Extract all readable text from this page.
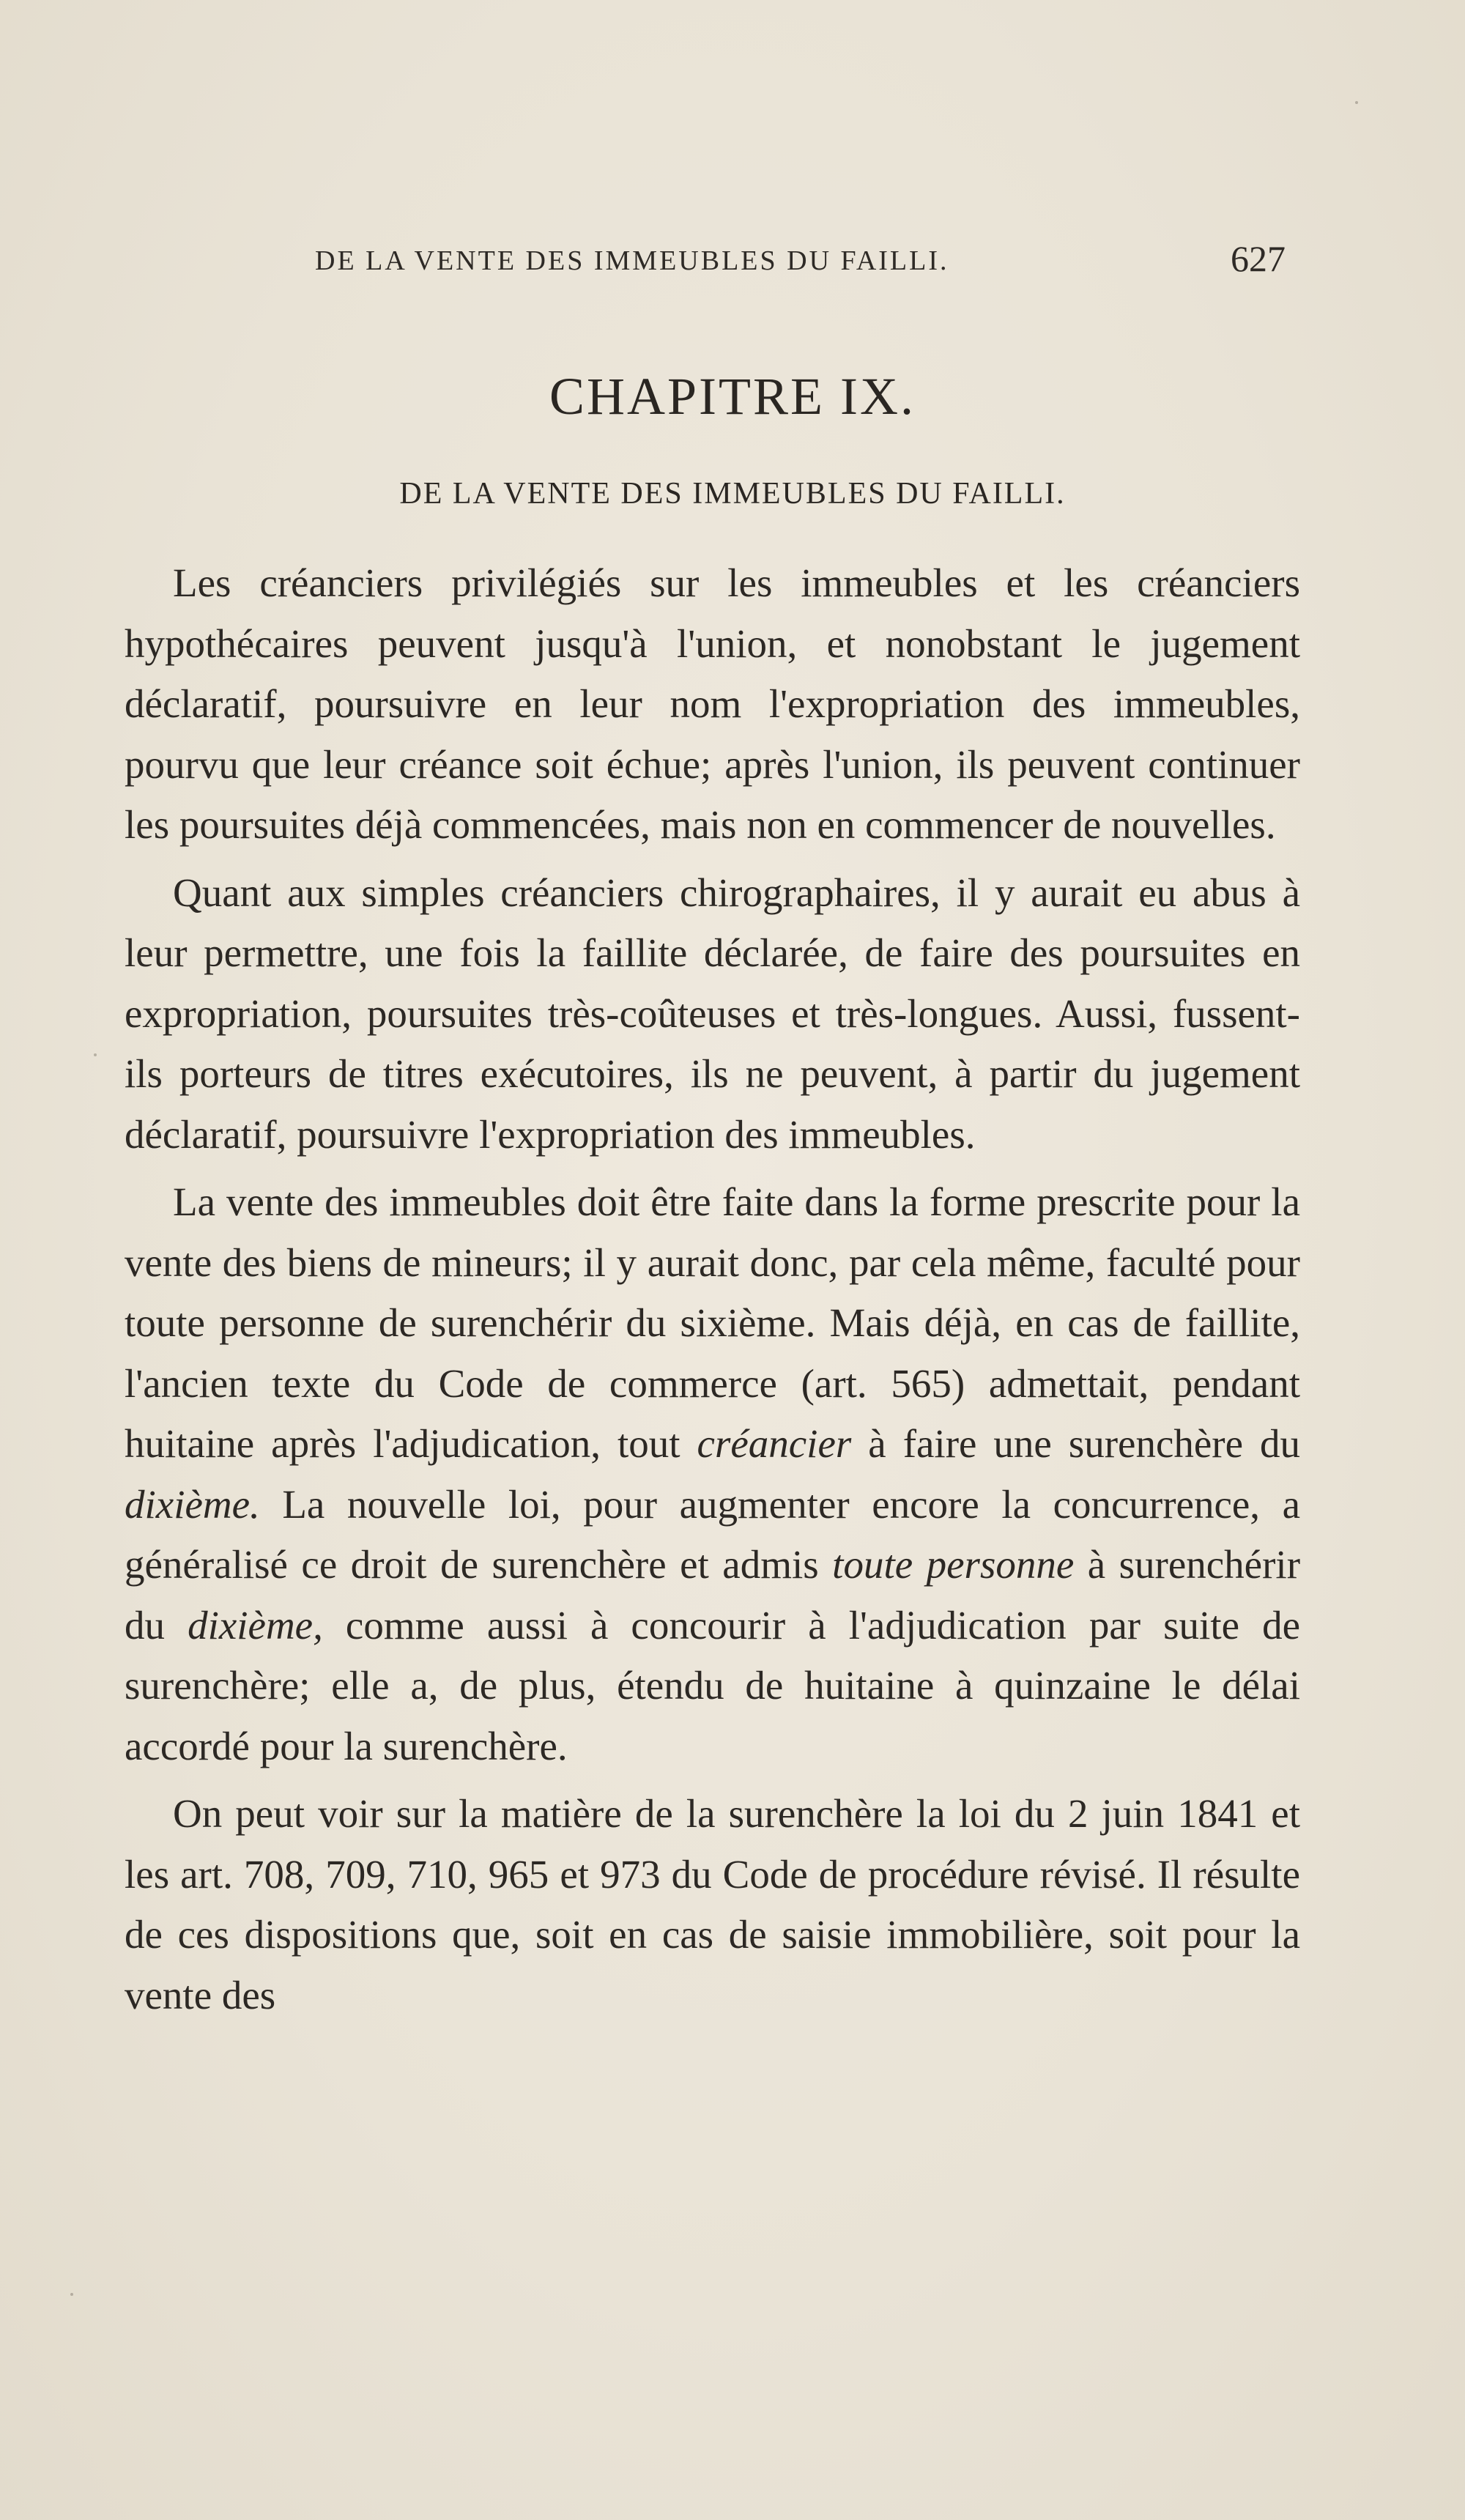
DE LA VENTE DES IMMEUBLES DU FAILLI.	627
CHAPITRE IX.
DE LA VENTE DES IMMEUBLES DU FAILLI.

Les créanciers privilégiés sur les immeubles et les créanciers hypothécaires peuvent jusqu'à l'union, et nonobstant le jugement déclaratif, poursuivre en leur nom l'expropriation des immeubles, pourvu que leur créance soit échue; après l'union, ils peuvent continuer les poursuites déjà commencées, mais non en commencer de nouvelles.

Quant aux simples créanciers chirographaires, il y aurait eu abus à leur permettre, une fois la faillite déclarée, de faire des poursuites en expropriation, poursuites très-coûteuses et très-longues. Aussi, fussent-ils porteurs de titres exécutoires, ils ne peuvent, à partir du jugement déclaratif, poursuivre l'expropriation des immeubles.

La vente des immeubles doit être faite dans la forme prescrite pour la vente des biens de mineurs; il y aurait donc, par cela même, faculté pour toute personne de surenchérir du sixième. Mais déjà, en cas de faillite, l'ancien texte du Code de commerce (art. 565) admettait, pendant huitaine après l'adjudication, tout créancier à faire une surenchère du dixième. La nouvelle loi, pour augmenter encore la concurrence, a généralisé ce droit de surenchère et admis toute personne à surenchérir du dixième, comme aussi à concourir à l'adjudication par suite de surenchère; elle a, de plus, étendu de huitaine à quinzaine le délai accordé pour la surenchère.

On peut voir sur la matière de la surenchère la loi du 2 juin 1841 et les art. 708, 709, 710, 965 et 973 du Code de procédure révisé. Il résulte de ces dispositions que, soit en cas de saisie immobilière, soit pour la vente des
